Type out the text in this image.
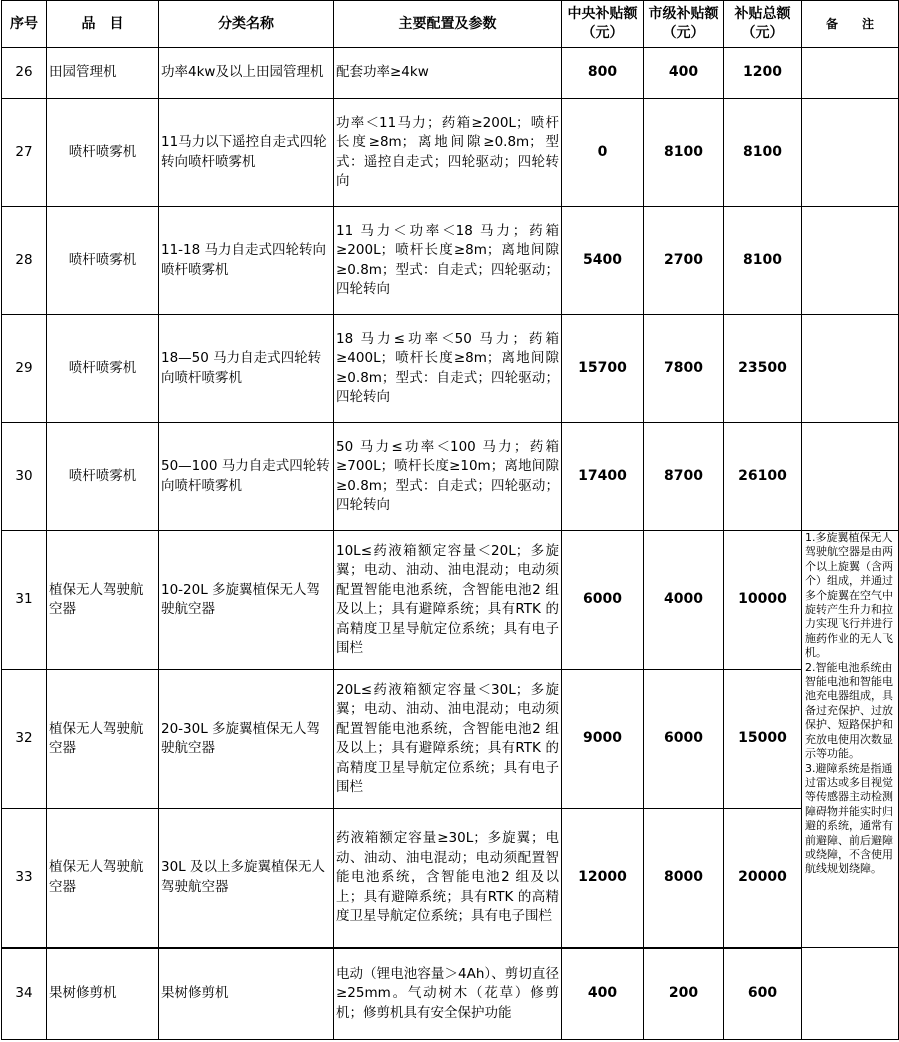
序号	品　目	分类名称	主要配置及参数	中央补贴额（元）	市级补贴额（元）	补贴总额（元）	备　　注
26	田园管理机	功率4kw及以上田园管理机	配套功率≥4kw	800	400	1200	
27	喷杆喷雾机	11马力以下遥控自走式四轮转向喷杆喷雾机	功率＜11马力；药箱≥200L；喷杆长度≥8m；离地间隙≥0.8m；型式：遥控自走式；四轮驱动；四轮转向	0	8100	8100	
28	喷杆喷雾机	11-18 马力自走式四轮转向喷杆喷雾机	11 马力＜功率＜18 马力；药箱≥200L；喷杆长度≥8m；离地间隙≥0.8m；型式：自走式；四轮驱动；四轮转向	5400	2700	8100	
29	喷杆喷雾机	18—50 马力自走式四轮转向喷杆喷雾机	18 马力≤功率＜50 马力；药箱≥400L；喷杆长度≥8m；离地间隙≥0.8m；型式：自走式；四轮驱动；四轮转向	15700	7800	23500	
30	喷杆喷雾机	50—100 马力自走式四轮转向喷杆喷雾机	50 马力≤功率＜100 马力；药箱≥700L；喷杆长度≥10m；离地间隙≥0.8m；型式：自走式；四轮驱动；四轮转向	17400	8700	26100	
31	植保无人驾驶航空器	10-20L 多旋翼植保无人驾驶航空器	10L≤药液箱额定容量＜20L；多旋翼；电动、油动、油电混动；电动须配置智能电池系统，含智能电池2 组及以上；具有避障系统；具有RTK 的高精度卫星导航定位系统；具有电子围栏	6000	4000	10000	1.多旋翼植保无人驾驶航空器是由两个以上旋翼（含两个）组成，并通过多个旋翼在空气中旋转产生升力和拉力实现飞行并进行施药作业的无人飞机。

2.智能电池系统由智能电池和智能电池充电器组成，具备过充保护、过放保护、短路保护和充放电使用次数显示等功能。

3.避障系统是指通过雷达或多目视觉等传感器主动检测障碍物并能实时归避的系统，通常有前避障、前后避障或绕障，不含使用航线规划绕障。

32	植保无人驾驶航空器	20-30L 多旋翼植保无人驾驶航空器	20L≤药液箱额定容量＜30L；多旋翼；电动、油动、油电混动；电动须配置智能电池系统，含智能电池2 组及以上；具有避障系统；具有RTK 的高精度卫星导航定位系统；具有电子围栏	9000	6000	15000	
33	植保无人驾驶航空器	30L 及以上多旋翼植保无人驾驶航空器	药液箱额定容量≥30L；多旋翼；电动、油动、油电混动；电动须配置智能电池系统，含智能电池2 组及以上；具有避障系统；具有RTK 的高精度卫星导航定位系统；具有电子围栏	12000	8000	20000	
34	果树修剪机	果树修剪机	电动（锂电池容量＞4Ah）、剪切直径≥25mm。气动树木（花草）修剪机；修剪机具有安全保护功能	400	200	600	
